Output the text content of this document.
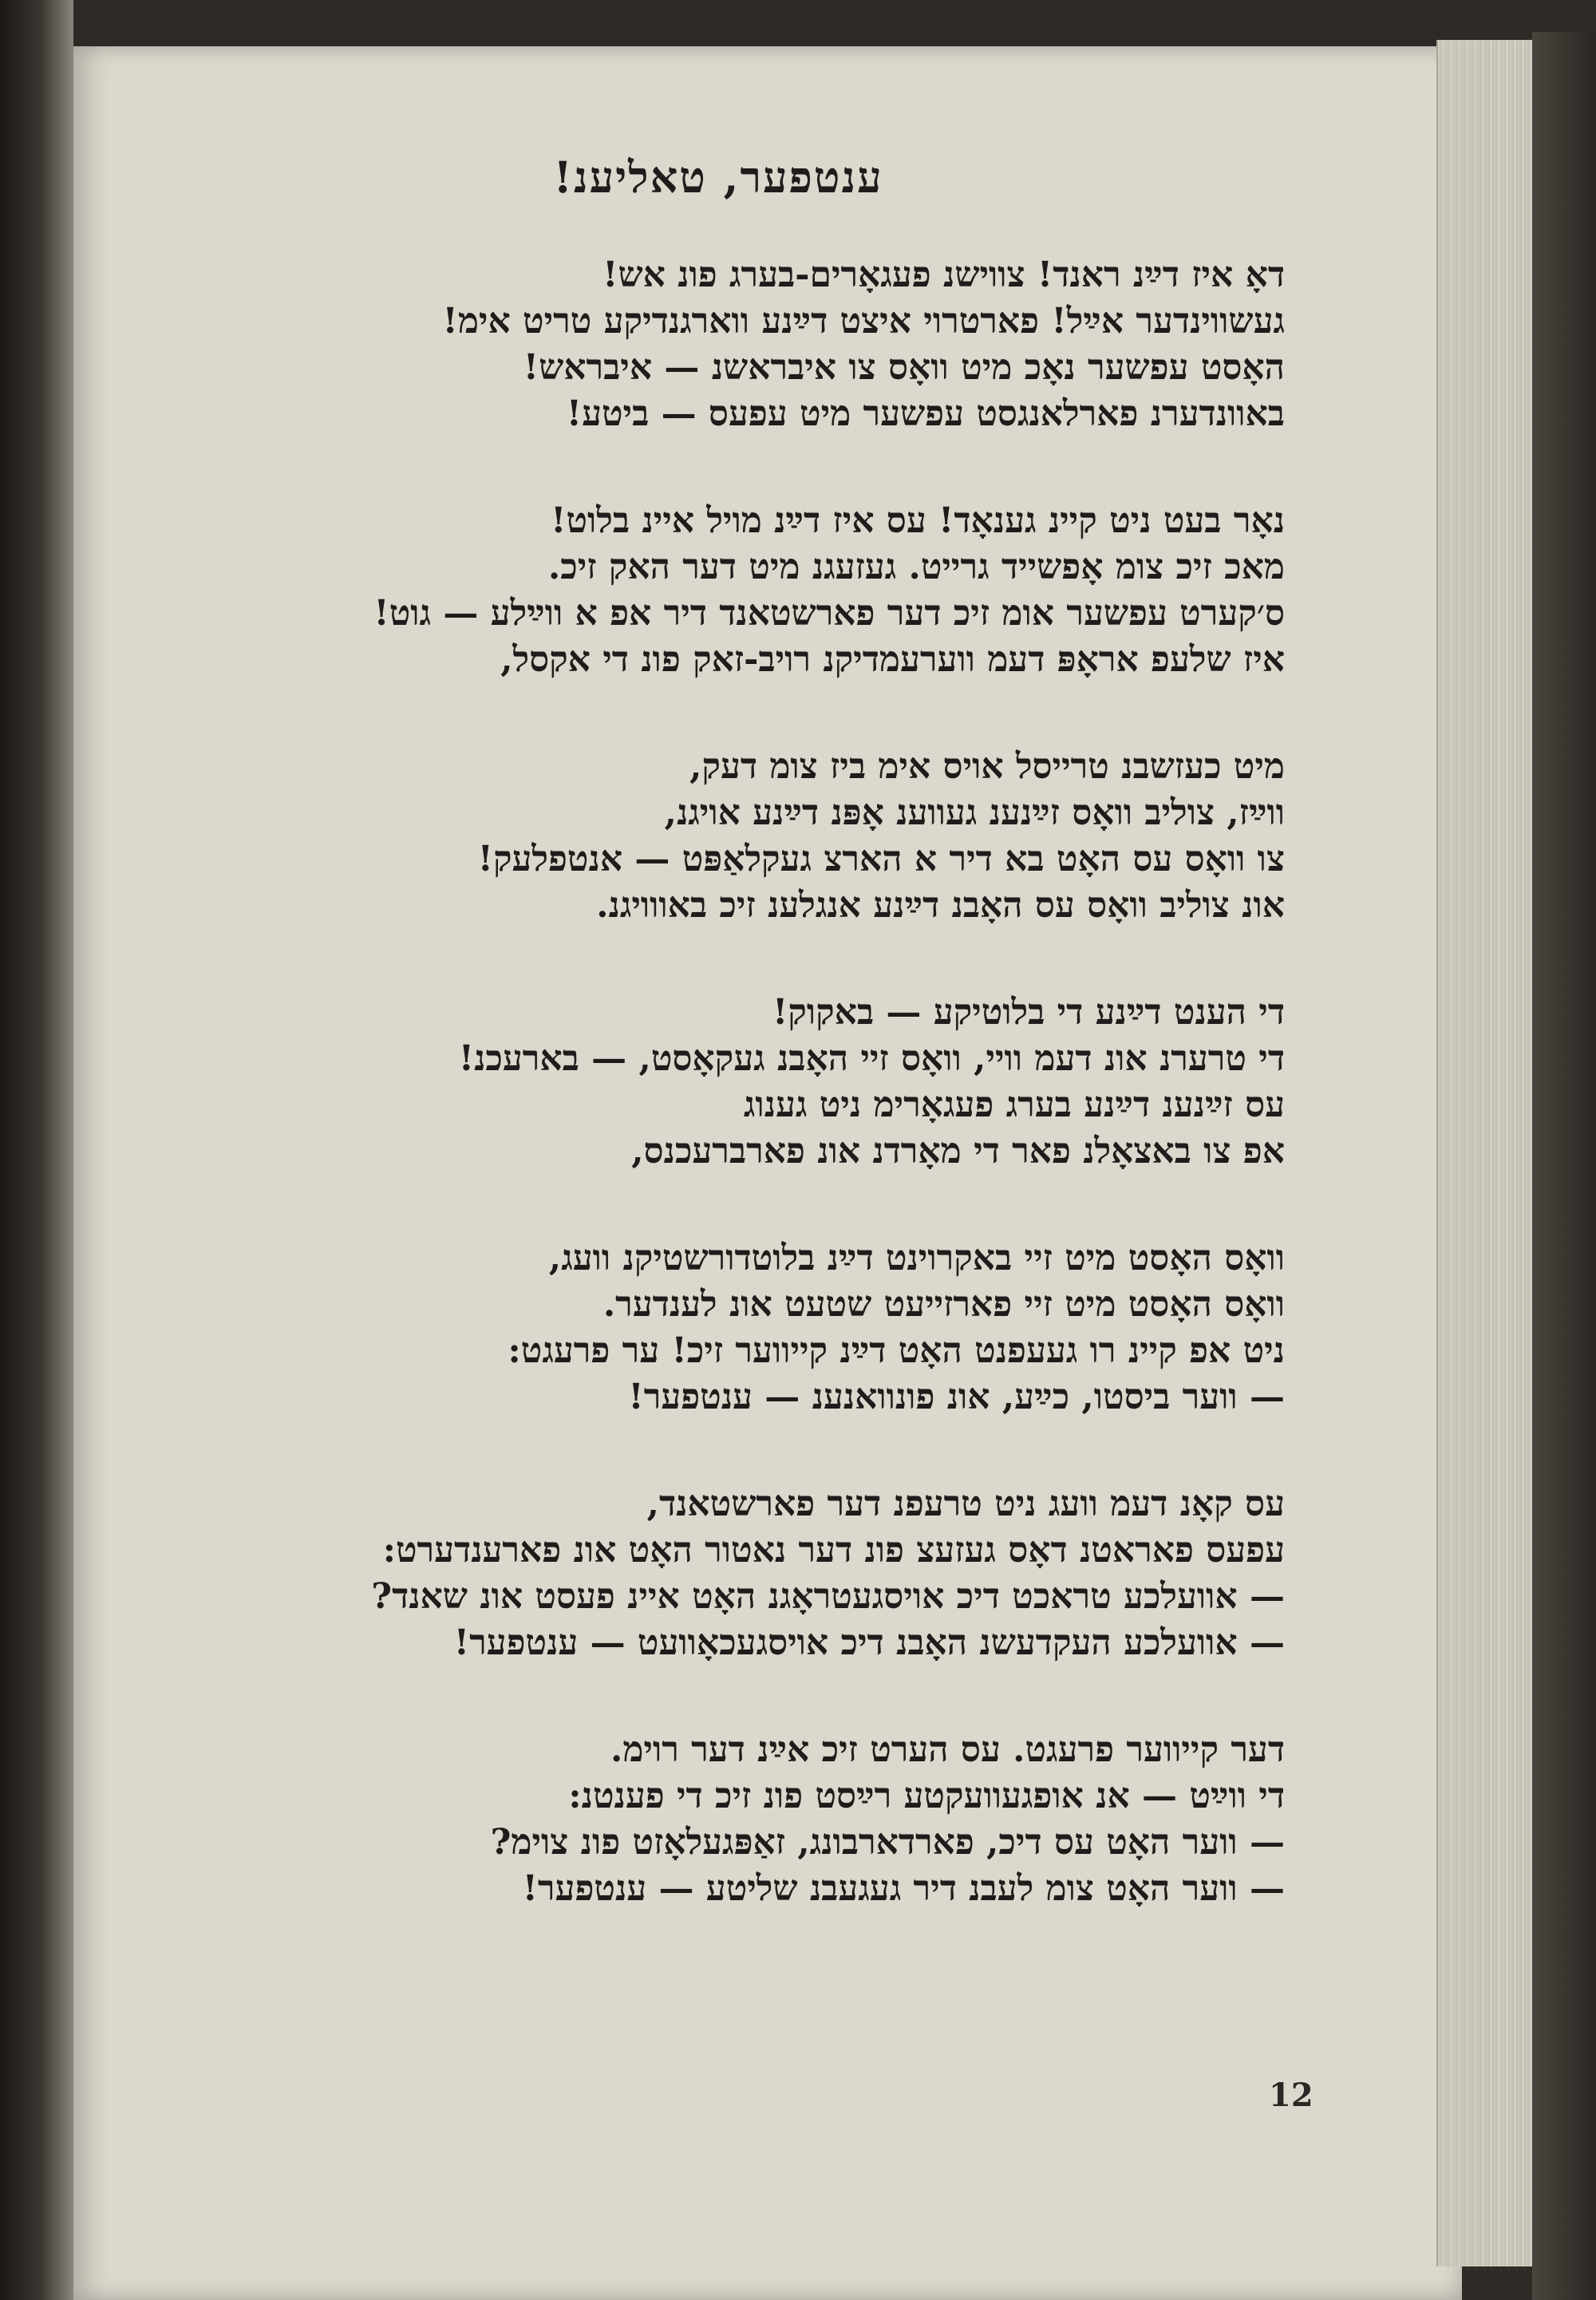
ענטפער, טאליענ!
דאָ איז דײַנ ראנד! צווישנ פעגאָרים-בערג פונ אש!
געשווינדער אײַל! פארטרוי איצט דײַנע ווארגנדיקע טריט אימ!
האָסט עפשער נאָכ מיט וואָס צו איבראשנ — איבראש!
באוונדערנ פארלאנגסט עפשער מיט עפעס — ביטע!
נאָר בעט ניט קיינ גענאָד! עס איז דײַנ מויל איינ בלוט!
מאכ זיכ צומ אָפשייד גרייט. געזעגנ מיט דער האק זיכ.
ס׳קערט עפשער אומ זיכ דער פארשטאנד דיר אפ א ווײַלע — גוט!
איז שלעפ אראָפּ דעמ ווערעמדיקנ רויב-זאק פונ די אקסל,
מיט כעזשבנ טרייסל אויס אימ ביז צומ דעק,
ווײַז, צוליב וואָס זײַנענ געווענ אָפּנ דײַנע אויגנ,
צו וואָס עס האָט בא דיר א הארצ געקלאַפּט — אנטפלעק!
אונ צוליב וואָס עס האָבנ דײַנע אנגלענ זיכ באווויגנ.
די הענט דײַנע די בלוטיקע — באקוק!
די טרערנ אונ דעמ וויי, וואָס זיי האָבנ געקאָסט, — בארעכנ!
עס זײַנענ דײַנע בערג פעגאָרימ ניט גענוג
אפ צו באצאָלנ פאר די מאָרדנ אונ פארברעכנס,
וואָס האָסט מיט זיי באקרוינט דײַנ בלוטדורשטיקנ וועג,
וואָס האָסט מיט זיי פארזייעט שטעט אונ לענדער.
ניט אפ קיינ רו געעפנט האָט דײַנ קייווער זיכ! ער פרעגט:
— ווער ביסטו, כײַע, אונ פונוואנענ — ענטפער!
עס קאָנ דעמ וועג ניט טרעפנ דער פארשטאנד,
עפעס פאראטנ דאָס געזעצ פונ דער נאטור האָט אונ פארענדערט:
— אוועלכע טראכט דיכ אויסגעטראָגנ האָט איינ פעסט אונ שאנד?
— אוועלכע העקדעשנ האָבנ דיכ אויסגעכאָוועט — ענטפער!
דער קייווער פרעגט. עס הערט זיכ אײַנ דער רוימ.
די ווײַט — אנ אופגעוועקטע רײַסט פונ זיכ די פענטנ:
— ווער האָט עס דיכ, פארדארבונג, זאַפּגעלאָזט פונ צוימ?
— ווער האָט צומ לעבנ דיר געגעבנ שליטע — ענטפער!
12
